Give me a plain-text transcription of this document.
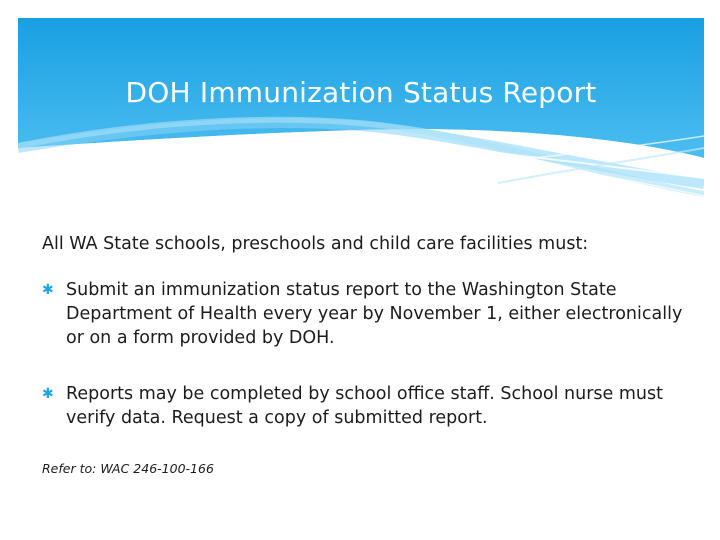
DOH Immunization Status Report
All WA State schools, preschools and child care facilities must:
✱ Submit an immunization status report to the Washington State Department of Health every year by November 1, either electronically or on a form provided by DOH.
✱ Reports may be completed by school office staff. School nurse must verify data. Request a copy of submitted report.
Refer to: WAC 246-100-166
